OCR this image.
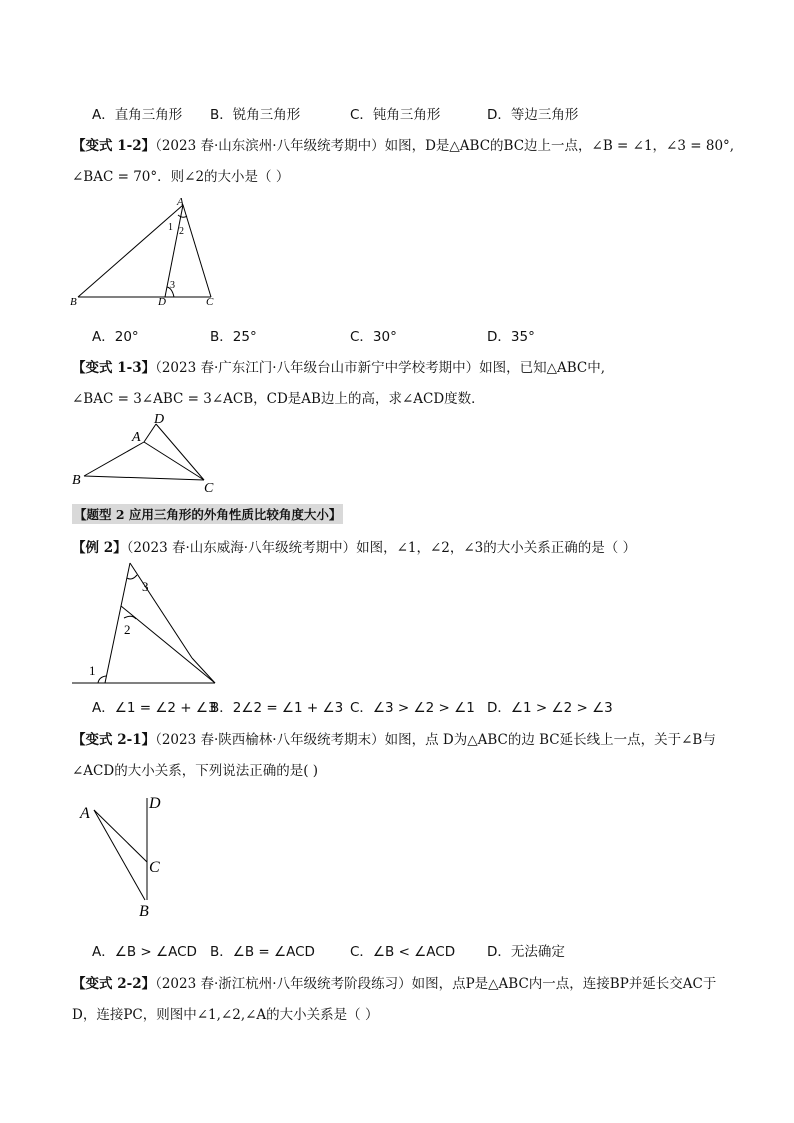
A．直角三角形 B．锐角三角形	C．钝角三角形	D．等边三角形
【变式 1-2】（2023 春·山东滨州·八年级统考期中）如图，D是△ABC的BC边上一点，∠B = ∠1，∠3 = 80°,
∠BAC = 70°．则∠2的大小是（ ）
A
B	C
D
1 2
3
A．20°	B．25°	C．30°	D．35°
【变式 1-3】（2023 春·广东江门·八年级台山市新宁中学校考期中）如图，已知△ABC中,
∠BAC = 3∠ABC = 3∠ACB，CD是AB边上的高，求∠ACD度数．
A
B
C
D
【题型 2 应用三角形的外角性质比较角度大小】
【例 2】（2023 春·山东威海·八年级统考期中）如图，∠1，∠2，∠3的大小关系正确的是（ ）
1
2
3
A．∠1 = ∠2 + ∠3
B．2∠2 = ∠1 + ∠3 C．∠3 > ∠2 > ∠1 D．∠1 > ∠2 > ∠3
【变式 2-1】（2023 春·陕西榆林·八年级统考期末）如图，点 D为△ABC的边 BC延长线上一点，关于∠B与
∠ACD的大小关系，下列说法正确的是( )
A
B
C
D
A．∠B > ∠ACD B．∠B = ∠ACD	C．∠B < ∠ACD D．无法确定
【变式 2-2】（2023 春·浙江杭州·八年级统考阶段练习）如图，点P是△ABC内一点，连接BP并延长交AC于
D，连接PC，则图中∠1,∠2,∠A的大小关系是（ ）
